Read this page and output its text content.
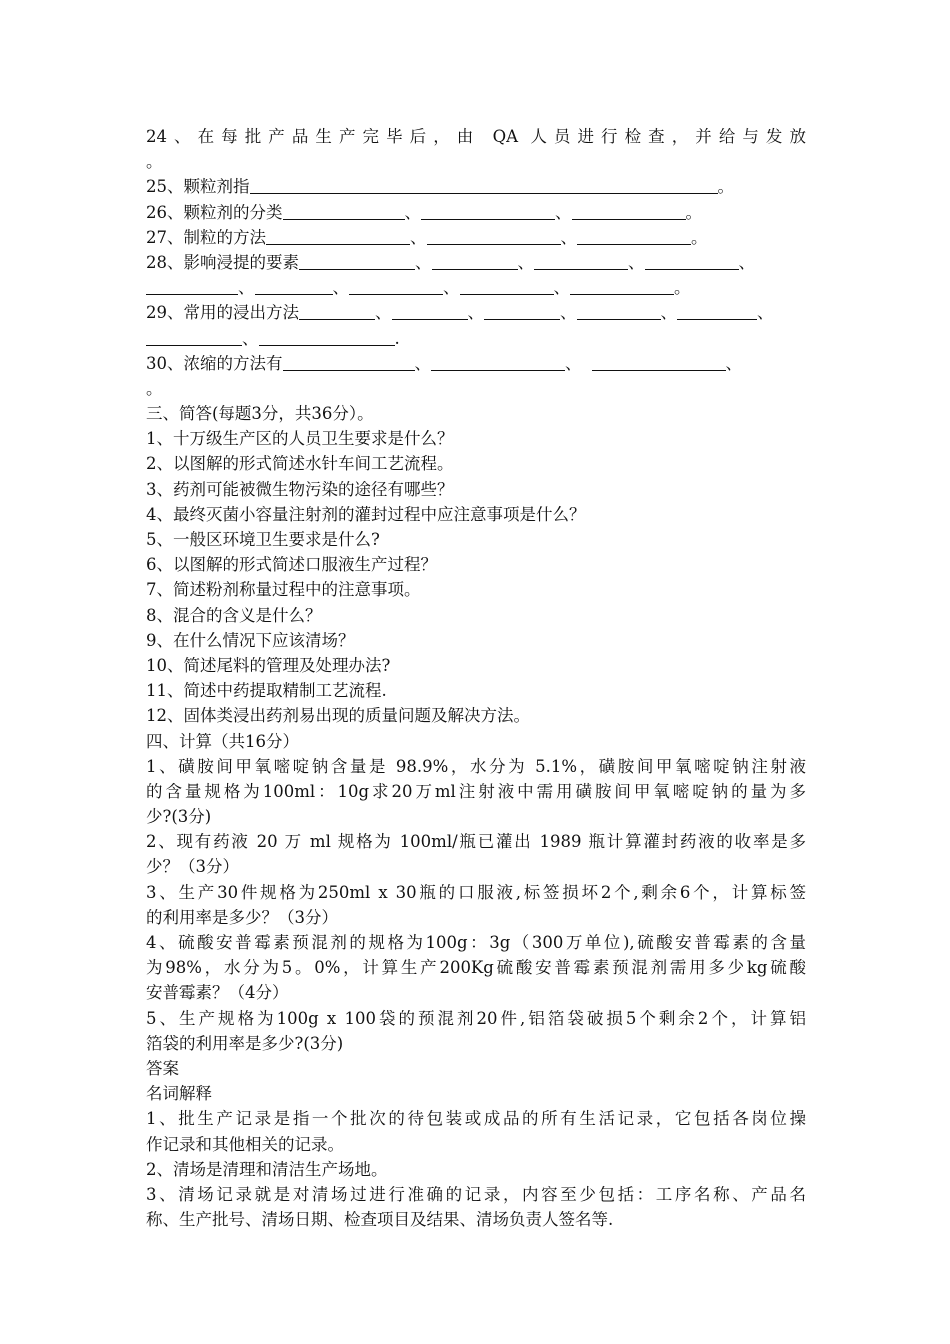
24、在每批产品生产完毕后，由 QA 人员进行检查，并给与发放
。
25、颗粒剂指	。
26、颗粒剂的分类	、	、	。
27、制粒的方法	、	、	。
28、影响浸提的要素	、	、	、	、
、	、	、	、	。
29、常用的浸出方法	、	、	、	、	、
、	.
30、浓缩的方法有	、	、	、
。
三、简答(每题3分，共36分）。
1、十万级生产区的人员卫生要求是什么？
2、以图解的形式简述水针车间工艺流程。
3、药剂可能被微生物污染的途径有哪些？
4、最终灭菌小容量注射剂的灌封过程中应注意事项是什么？
5、一般区环境卫生要求是什么?
6、以图解的形式简述口服液生产过程？
7、简述粉剂称量过程中的注意事项。
8、混合的含义是什么？
9、在什么情况下应该清场？
10、简述尾料的管理及处理办法?
11、简述中药提取精制工艺流程.
12、固体类浸出药剂易出现的质量问题及解决方法。
四、计算（共16分）
1、磺胺间甲氧嘧啶钠含量是 98.9%，水分为 5.1%，磺胺间甲氧嘧啶钠注射液
的含量规格为100ml：10g求20万ml注射液中需用磺胺间甲氧嘧啶钠的量为多
少?(3分)
2、现有药液 20 万 ml 规格为 100ml/瓶已灌出 1989 瓶计算灌封药液的收率是多
少？（3分）
3、生产30件规格为250ml x 30瓶的口服液,标签损坏2个,剩余6个，计算标签
的利用率是多少？（3分）
4、硫酸安普霉素预混剂的规格为100g：3g（300万单位),硫酸安普霉素的含量
为98%，水分为5。0%，计算生产200Kg硫酸安普霉素预混剂需用多少kg硫酸
安普霉素？（4分）
5、生产规格为100g x 100袋的预混剂20件,铝箔袋破损5个剩余2个，计算铝
箔袋的利用率是多少?(3分)
答案
名词解释
1、批生产记录是指一个批次的待包装或成品的所有生活记录，它包括各岗位操
作记录和其他相关的记录。
2、清场是清理和清洁生产场地。
3、清场记录就是对清场过进行准确的记录，内容至少包括：工序名称、产品名
称、生产批号、清场日期、检查项目及结果、清场负责人签名等.
